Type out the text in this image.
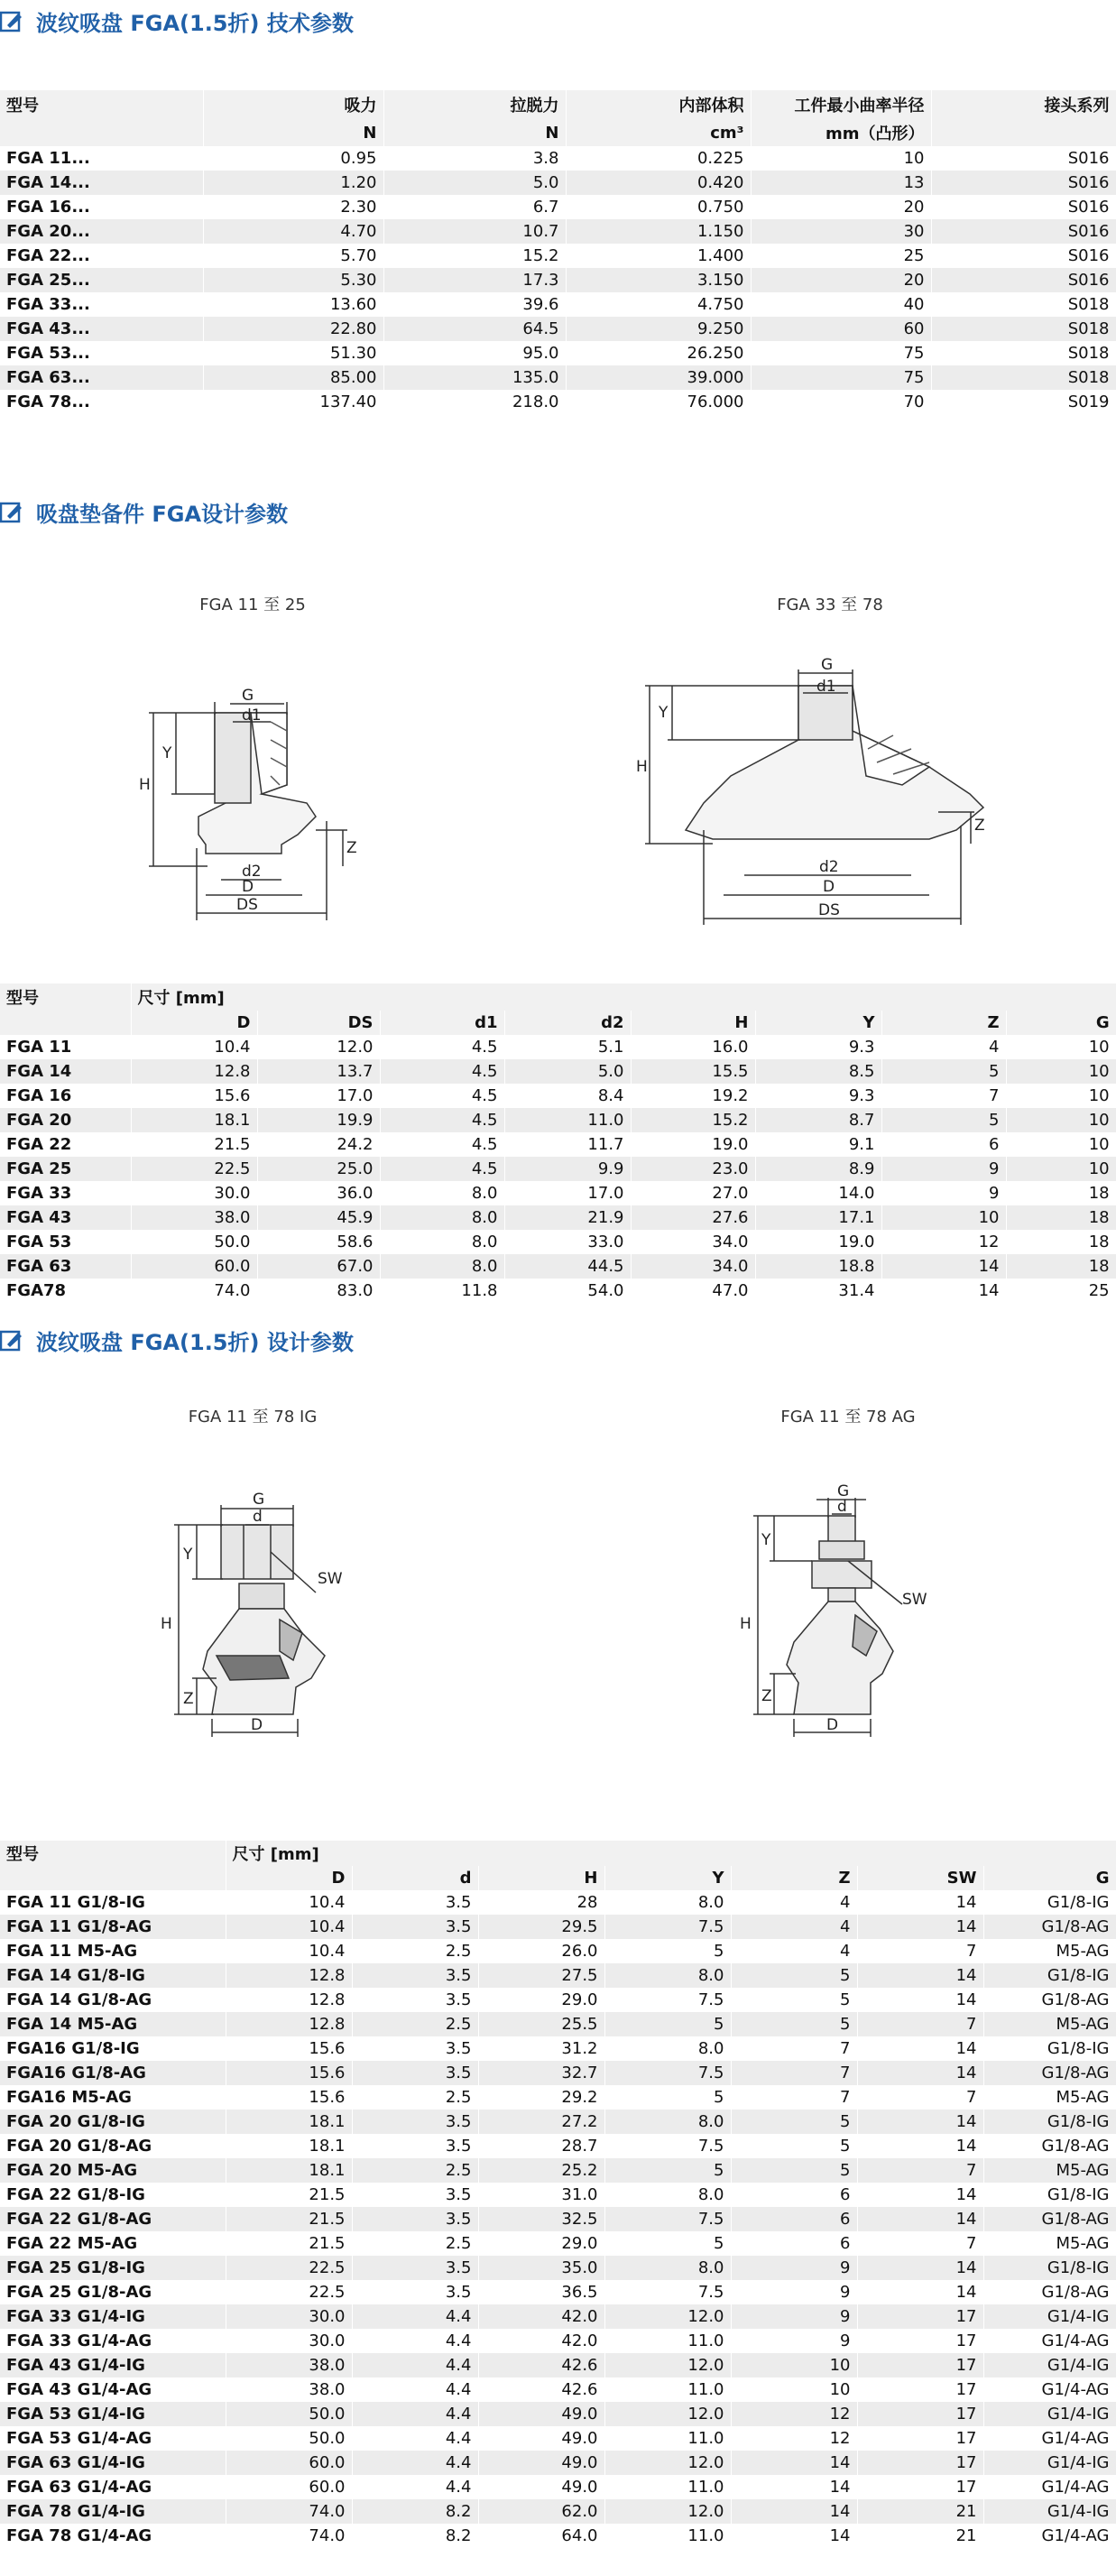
波纹吸盘 FGA(1.5折) 技术参数
型号	吸力	拉脱力	内部体积	工件最小曲率半径	接头系列
	N	N	cm³	mm（凸形）	
FGA 11...	0.95	3.8	0.225	10	S016
FGA 14...	1.20	5.0	0.420	13	S016
FGA 16...	2.30	6.7	0.750	20	S016
FGA 20...	4.70	10.7	1.150	30	S016
FGA 22...	5.70	15.2	1.400	25	S016
FGA 25...	5.30	17.3	3.150	20	S016
FGA 33...	13.60	39.6	4.750	40	S018
FGA 43...	22.80	64.5	9.250	60	S018
FGA 53...	51.30	95.0	26.250	75	S018
FGA 63...	85.00	135.0	39.000	75	S018
FGA 78...	137.40	218.0	76.000	70	S019
吸盘垫备件 FGA设计参数
FGA 11 至 25	FGA 33 至 78
G
d1
H
Y
Z
d2
D
DS
G
d1
H
Y
Z
d2
D
DS
型号	尺寸 [mm]							
	D	DS	d1	d2	H	Y	Z	G
FGA 11	10.4	12.0	4.5	5.1	16.0	9.3	4	10
FGA 14	12.8	13.7	4.5	5.0	15.5	8.5	5	10
FGA 16	15.6	17.0	4.5	8.4	19.2	9.3	7	10
FGA 20	18.1	19.9	4.5	11.0	15.2	8.7	5	10
FGA 22	21.5	24.2	4.5	11.7	19.0	9.1	6	10
FGA 25	22.5	25.0	4.5	9.9	23.0	8.9	9	10
FGA 33	30.0	36.0	8.0	17.0	27.0	14.0	9	18
FGA 43	38.0	45.9	8.0	21.9	27.6	17.1	10	18
FGA 53	50.0	58.6	8.0	33.0	34.0	19.0	12	18
FGA 63	60.0	67.0	8.0	44.5	34.0	18.8	14	18
FGA78	74.0	83.0	11.8	54.0	47.0	31.4	14	25
波纹吸盘 FGA(1.5折) 设计参数
FGA 11 至 78 IG	FGA 11 至 78 AG
G
d
H
Y
Z
D
SW
G
d
H
Y
Z
D
SW
型号	尺寸 [mm]						
	D	d	H	Y	Z	SW	G
FGA 11 G1/8-IG	10.4	3.5	28	8.0	4	14	G1/8-IG
FGA 11 G1/8-AG	10.4	3.5	29.5	7.5	4	14	G1/8-AG
FGA 11 M5-AG	10.4	2.5	26.0	5	4	7	M5-AG
FGA 14 G1/8-IG	12.8	3.5	27.5	8.0	5	14	G1/8-IG
FGA 14 G1/8-AG	12.8	3.5	29.0	7.5	5	14	G1/8-AG
FGA 14 M5-AG	12.8	2.5	25.5	5	5	7	M5-AG
FGA16 G1/8-IG	15.6	3.5	31.2	8.0	7	14	G1/8-IG
FGA16 G1/8-AG	15.6	3.5	32.7	7.5	7	14	G1/8-AG
FGA16 M5-AG	15.6	2.5	29.2	5	7	7	M5-AG
FGA 20 G1/8-IG	18.1	3.5	27.2	8.0	5	14	G1/8-IG
FGA 20 G1/8-AG	18.1	3.5	28.7	7.5	5	14	G1/8-AG
FGA 20 M5-AG	18.1	2.5	25.2	5	5	7	M5-AG
FGA 22 G1/8-IG	21.5	3.5	31.0	8.0	6	14	G1/8-IG
FGA 22 G1/8-AG	21.5	3.5	32.5	7.5	6	14	G1/8-AG
FGA 22 M5-AG	21.5	2.5	29.0	5	6	7	M5-AG
FGA 25 G1/8-IG	22.5	3.5	35.0	8.0	9	14	G1/8-IG
FGA 25 G1/8-AG	22.5	3.5	36.5	7.5	9	14	G1/8-AG
FGA 33 G1/4-IG	30.0	4.4	42.0	12.0	9	17	G1/4-IG
FGA 33 G1/4-AG	30.0	4.4	42.0	11.0	9	17	G1/4-AG
FGA 43 G1/4-IG	38.0	4.4	42.6	12.0	10	17	G1/4-IG
FGA 43 G1/4-AG	38.0	4.4	42.6	11.0	10	17	G1/4-AG
FGA 53 G1/4-IG	50.0	4.4	49.0	12.0	12	17	G1/4-IG
FGA 53 G1/4-AG	50.0	4.4	49.0	11.0	12	17	G1/4-AG
FGA 63 G1/4-IG	60.0	4.4	49.0	12.0	14	17	G1/4-IG
FGA 63 G1/4-AG	60.0	4.4	49.0	11.0	14	17	G1/4-AG
FGA 78 G1/4-IG	74.0	8.2	62.0	12.0	14	21	G1/4-IG
FGA 78 G1/4-AG	74.0	8.2	64.0	11.0	14	21	G1/4-AG
